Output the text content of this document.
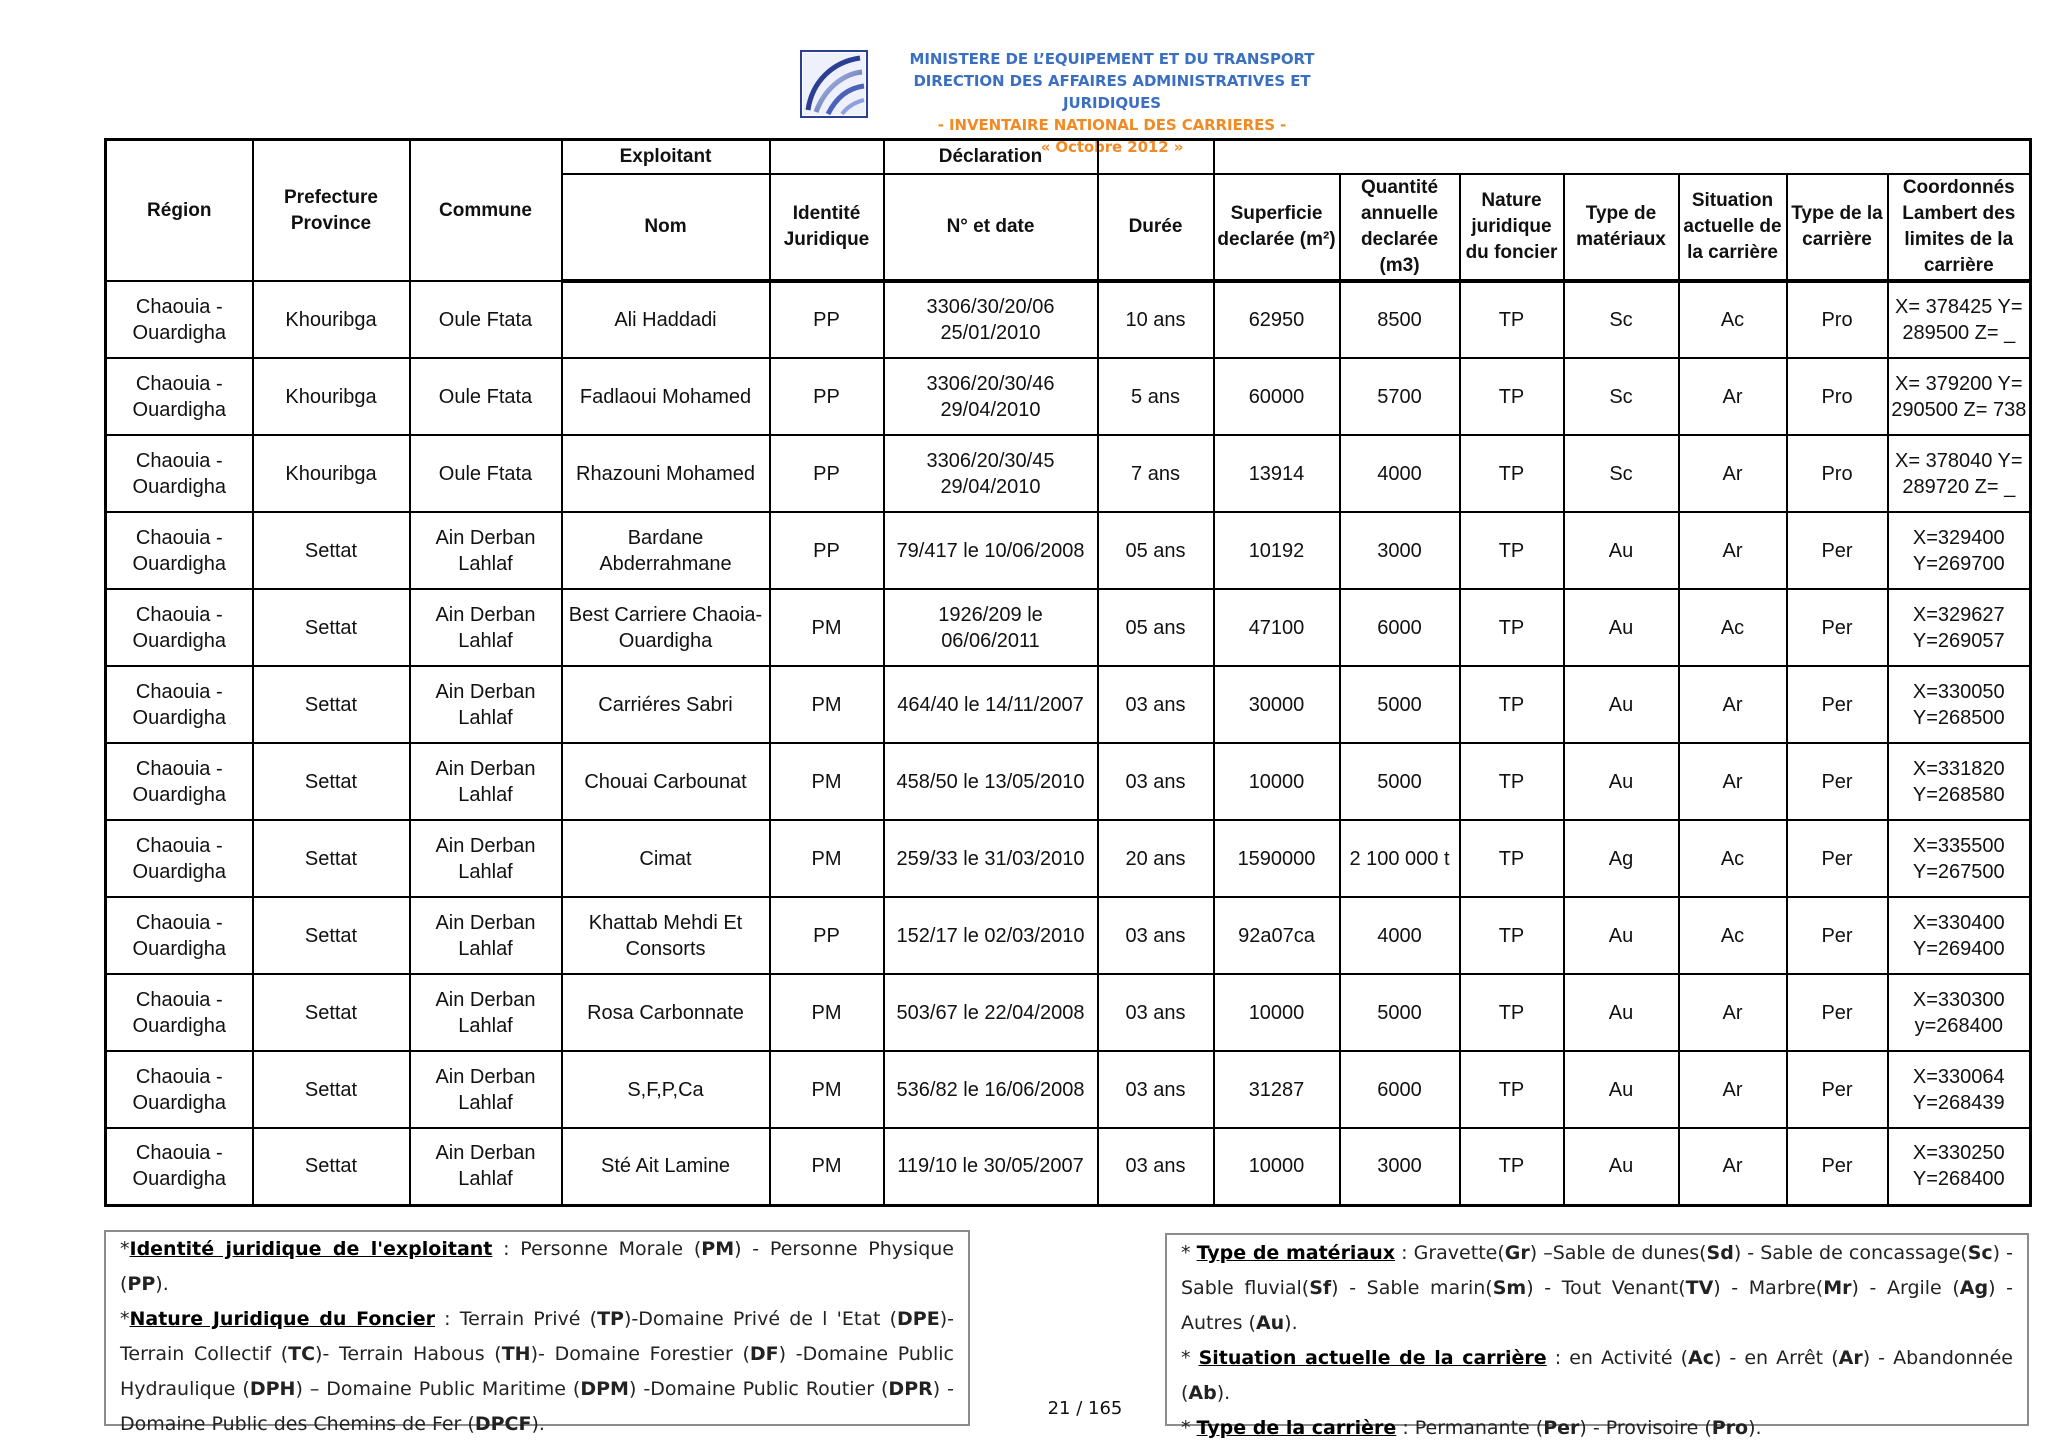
MINISTERE DE L’EQUIPEMENT ET DU TRANSPORT
DIRECTION DES AFFAIRES ADMINISTRATIVES ET JURIDIQUES
- INVENTAIRE NATIONAL DES CARRIERES -
« Octobre 2012 »
Région	Prefecture Province	Commune	Exploitant		Déclaration								
			Nom	Identité Juridique	N° et date	Durée	Superficie declarée (m²)	Quantité annuelle declarée (m3)	Nature juridique du foncier	Type de matériaux	Situation actuelle de la carrière	Type de la carrière	Coordonnés Lambert des limites de la carrière
Chaouia - Ouardigha	Khouribga	Oule Ftata	Ali Haddadi	PP	3306/30/20/06 25/01/2010	10 ans	62950	8500	TP	Sc	Ac	Pro	X= 378425 Y= 289500 Z= _
Chaouia - Ouardigha	Khouribga	Oule Ftata	Fadlaoui Mohamed	PP	3306/20/30/46 29/04/2010	5 ans	60000	5700	TP	Sc	Ar	Pro	X= 379200 Y= 290500 Z= 738
Chaouia - Ouardigha	Khouribga	Oule Ftata	Rhazouni Mohamed	PP	3306/20/30/45 29/04/2010	7 ans	13914	4000	TP	Sc	Ar	Pro	X= 378040 Y= 289720 Z= _
Chaouia - Ouardigha	Settat	Ain Derban Lahlaf	Bardane Abderrahmane	PP	79/417 le 10/06/2008	05 ans	10192	3000	TP	Au	Ar	Per	X=329400 Y=269700
Chaouia - Ouardigha	Settat	Ain Derban Lahlaf	Best Carriere Chaoia-Ouardigha	PM	1926/209 le 06/06/2011	05 ans	47100	6000	TP	Au	Ac	Per	X=329627 Y=269057
Chaouia - Ouardigha	Settat	Ain Derban Lahlaf	Carriéres Sabri	PM	464/40 le 14/11/2007	03 ans	30000	5000	TP	Au	Ar	Per	X=330050 Y=268500
Chaouia - Ouardigha	Settat	Ain Derban Lahlaf	Chouai Carbounat	PM	458/50 le 13/05/2010	03 ans	10000	5000	TP	Au	Ar	Per	X=331820 Y=268580
Chaouia - Ouardigha	Settat	Ain Derban Lahlaf	Cimat	PM	259/33 le 31/03/2010	20 ans	1590000	2 100 000 t	TP	Ag	Ac	Per	X=335500 Y=267500
Chaouia - Ouardigha	Settat	Ain Derban Lahlaf	Khattab Mehdi Et Consorts	PP	152/17 le 02/03/2010	03 ans	92a07ca	4000	TP	Au	Ac	Per	X=330400 Y=269400
Chaouia - Ouardigha	Settat	Ain Derban Lahlaf	Rosa Carbonnate	PM	503/67 le 22/04/2008	03 ans	10000	5000	TP	Au	Ar	Per	X=330300 y=268400
Chaouia - Ouardigha	Settat	Ain Derban Lahlaf	S,F,P,Ca	PM	536/82 le 16/06/2008	03 ans	31287	6000	TP	Au	Ar	Per	X=330064 Y=268439
Chaouia - Ouardigha	Settat	Ain Derban Lahlaf	Sté Ait Lamine	PM	119/10 le 30/05/2007	03 ans	10000	3000	TP	Au	Ar	Per	X=330250 Y=268400

*Identité juridique de l'exploitant : Personne Morale (PM) - Personne Physique (PP).

*Nature Juridique du Foncier : Terrain Privé (TP)-Domaine Privé de l 'Etat (DPE)- Terrain Collectif (TC)- Terrain Habous (TH)- Domaine Forestier (DF) -Domaine Public Hydraulique (DPH) – Domaine Public Maritime (DPM) -Domaine Public Routier (DPR) - Domaine Public des Chemins de Fer (DPCF).

* Type de matériaux : Gravette(Gr) –Sable de dunes(Sd) - Sable de concassage(Sc) - Sable fluvial(Sf) - Sable marin(Sm) - Tout Venant(TV) - Marbre(Mr) - Argile (Ag) - Autres (Au).

* Situation actuelle de la carrière : en Activité (Ac) - en Arrêt (Ar) - Abandonnée (Ab).

* Type de la carrière : Permanante (Per) - Provisoire (Pro).

21 / 165
